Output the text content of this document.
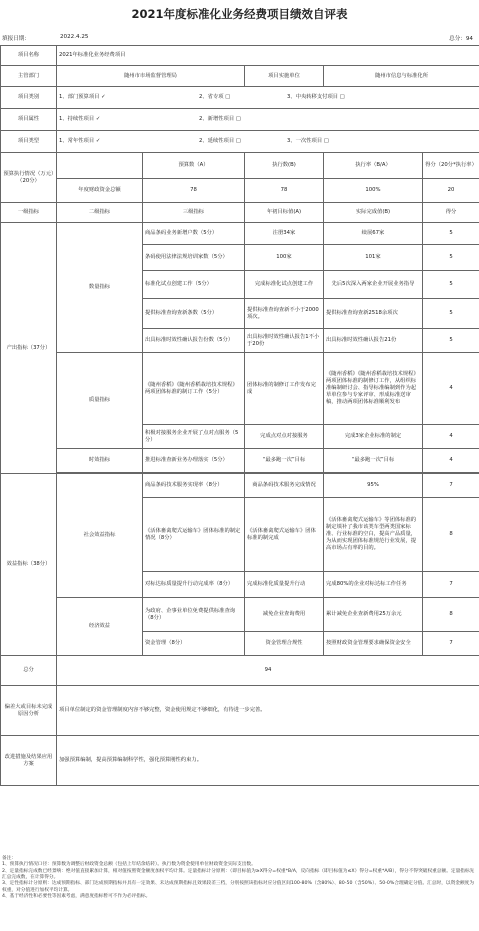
2021年度标准化业务经费项目绩效自评表
填报日期：	2022.4.25	总分：94
项目名称	2021年标准化业务经费项目				
主管部门	随州市市场监督管理局		项目实施单位	随州市信息与标准化所	
项目类别	1、部门预算项目 ✓ 2、省专项 □ 3、中央转移支付项目 □				
项目属性	1、持续性项目 ✓ 2、新增性项目 □				
项目类型	1、常年性项目 ✓ 2、延续性项目 □ 3、一次性项目 □				
预算执行情况（万元）（20分）		预算数（A）	执行数(B)	执行率（B/A）	得分（20分*执行率）
	年度财政资金总额	78	78	100%	20
一级指标	二级指标	三级指标	年初目标值(A)	实际完成值(B)	得分
产出指标（37分）	数量指标	商品条码业务新增户数（5分）	注册34家	续展67家	5
		条码使用法律法规培训家数（5分）	100家	101家	5
		标准化试点创建工作（5分）	完成标准化试点创建工作	先后5次深入两家企业开展业务指导	5
		提供标准查询查新条数（5分）	提供标准查询查新不小于2000项次。	提供标准查询查新2518余项次	5
		出具标准时效性确认报告份数（5分）	出具标准时效性确认报告1不小于20份	出具标准时效性确认报告21份	5
	质量指标	《随州香稻》《随州香稻栽培技术规程》两项团体标准的制订工作（5分）	团体标准的制修订工作发布完成	《随州香稻》《随州香稻栽培技术规程》两项团体标准的制修订工作，从组织标准编制研讨会、指导标准编制到作为起草单位参与专家评审、形成标准送审稿，推动两项团体标准顺利发布	4
		积极对接服务企业开展了点对点服务（5分）	完成点对点对接服务	完成3家企业标准的制定	4
	时效指标	推进标准查新业务办理落实（5分）	“最多跑一次”目标	“最多跑一次”目标	4

效益指标（38分）	社会效益指标	商品条码技术服务实现率（8分）	商品条码技术服务完成情况	95%	7
		《活体畜禽爬式运输车》团体标准的制定情况（8分）	《活体畜禽爬式运输车》团体标准的制完成	《活体畜禽爬式运输车》等团体标准的制定填补了我市该类车型两类国家标准、行业标准的空白，提高产品质量，为从而实现团体标准规范行业发展，提高市场占有率的目的。	8
		对标达标质量提升行动完成率（8分）	完成标准化质量提升行动	完成80%的企业对标达标工作任务	7
	经济效益	为政府、企事业单位免费提供标准查询（8分）	减免企业查询费用	累计减免企业查新费用25万余元	8
		资金管理（8分）	资金管理合规性	按照财政资金管理要求确保资金安全	7
总分	94				
偏差大或目标未完成原因分析	项目单位制定的资金管理制度内容不够完整，资金使用规定不够细化，有待进一步完善。				
改进措施及结果应用方案	加强预算编制，提高预算编制科学性，强化预算刚性约束力。				
备注：
1、预算执行情况口径：预算数为调整后财政资金总额（包括上年结余结转）。执行数为资金使用单位财政资金实际支出数。
2、定量指标完成数已经景响：绝对值直接累加计算，相对值按照资金额度加权平均计算。定量指标计分原则：（即目标值为≥X得分=权重*B/A，反向指标（即目标值为≤X）得分=权重*A/B），得分不得突破权重总额。定量指标先汇总完成数，在计算得分。
3、定性指标计分原则：达成预期指标、部门达成预期指标并具有一定效果、未达成预期指标且效果较差三档，分别按照该指标对应分值区间100-80%（含80%）、80-50（含50%）、50-0%合理确定分值。汇总时，以资金额度为权重，对分值进行加权平均计算。
4、基于经济性和必要性等因素考虑，满意度指标暂可不作为必评指标。
